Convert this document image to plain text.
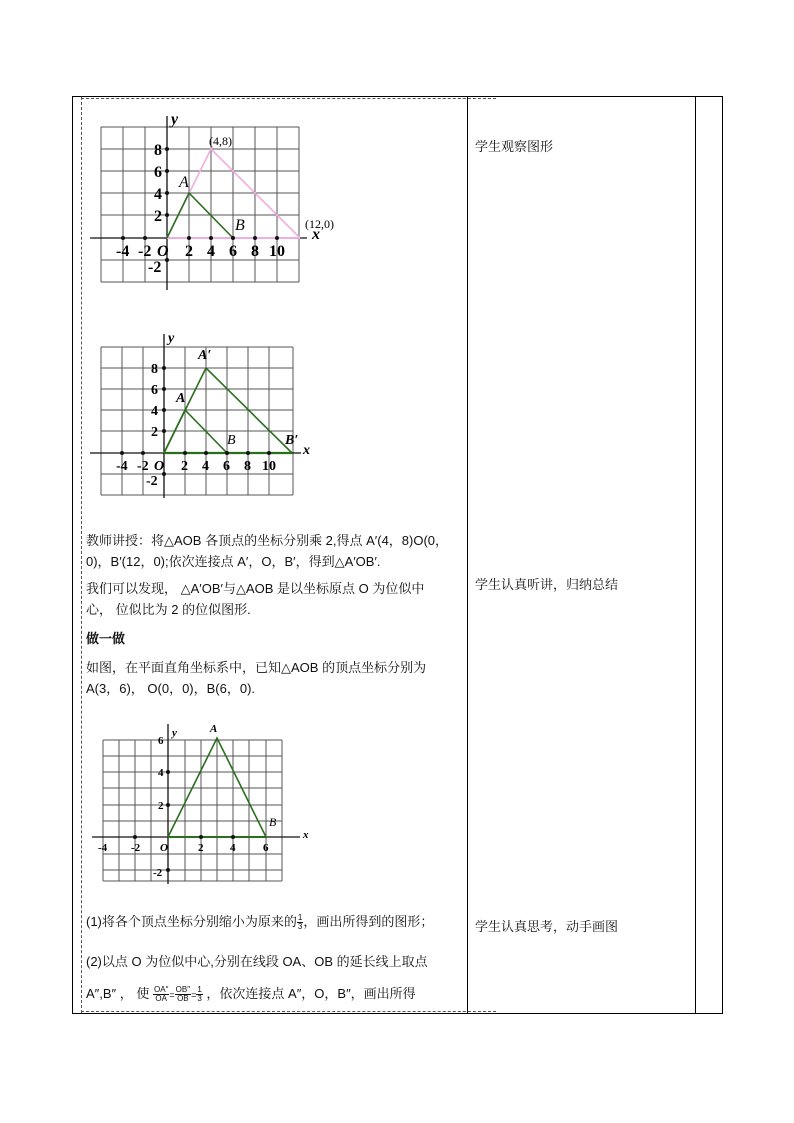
-4 -2 2 4 6 8 10
8
6
4
2
-2
O
x
y
A
B
(4,8)
(12,0)
-4 -2 2 4 6 8 10
8
6
4
2
-2
O
x
y
A′
A
B′
B
教师讲授：将△AOB 各顶点的坐标分别乘 2,得点 A′(4，8)O(0，
0)，B′(12，0);依次连接点 A′，O，B′，得到△A′OB′.
我们可以发现， △A′OB′与△AOB 是以坐标原点 O 为位似中
心， 位似比为 2 的位似图形.
做一做
如图，在平面直角坐标系中，已知△AOB 的顶点坐标分别为
A(3，6)， O(0，0)，B(6，0).
-4 -2	2 4	6
6
4
2
-2
O
x
y	A
B
(1)将各个顶点坐标分别缩小为原来的 $\frac{1}{3}$ ，画出所得到的图形；
(2)以点 O 为位似中心,分别在线段 OA、OB 的延长线上取点
A″,B″ ， 使 $\frac{OA''}{OA} = \frac{OB''}{OB} = \frac{1}{3}$ ，依次连接点 A″，O，B″，画出所得
学生观察图形
学生认真听讲，归纳总结
学生认真思考，动手画图
